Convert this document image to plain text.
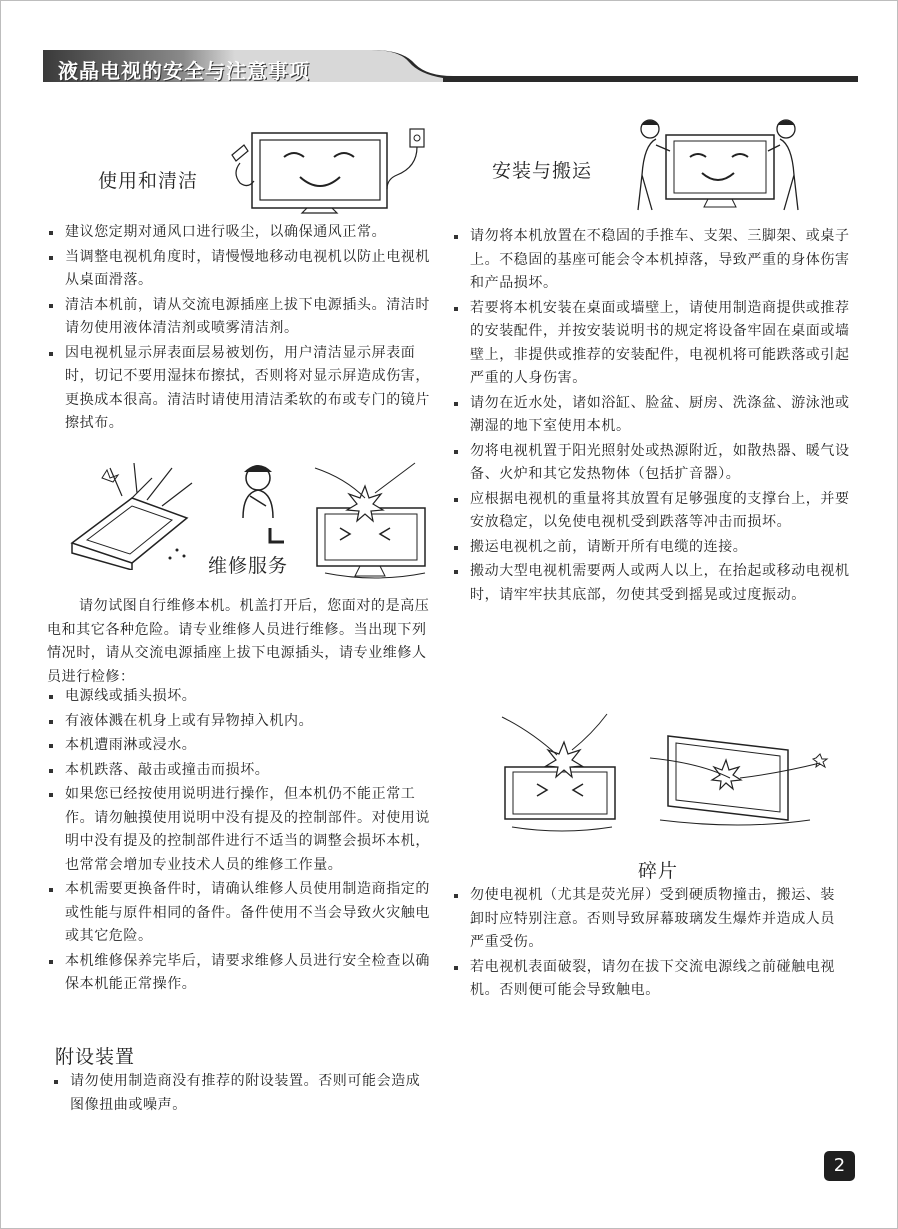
液晶电视的安全与注意事项
使用和清洁
建议您定期对通风口进行吸尘，以确保通风正常。
当调整电视机角度时，请慢慢地移动电视机以防止电视机从桌面滑落。
清洁本机前，请从交流电源插座上拔下电源插头。清洁时请勿使用液体清洁剂或喷雾清洁剂。
因电视机显示屏表面层易被划伤，用户清洁显示屏表面时，切记不要用湿抹布擦拭，否则将对显示屏造成伤害，更换成本很高。清洁时请使用清洁柔软的布或专门的镜片擦拭布。
维修服务

请勿试图自行维修本机。机盖打开后，您面对的是高压电和其它各种危险。请专业维修人员进行维修。当出现下列情况时，请从交流电源插座上拔下电源插头，请专业维修人员进行检修：

电源线或插头损坏。
有液体溅在机身上或有异物掉入机内。
本机遭雨淋或浸水。
本机跌落、敲击或撞击而损坏。
如果您已经按使用说明进行操作，但本机仍不能正常工作。请勿触摸使用说明中没有提及的控制部件。对使用说明中没有提及的控制部件进行不适当的调整会损坏本机，也常常会增加专业技术人员的维修工作量。
本机需要更换备件时，请确认维修人员使用制造商指定的或性能与原件相同的备件。备件使用不当会导致火灾触电或其它危险。
本机维修保养完毕后，请要求维修人员进行安全检查以确保本机能正常操作。
附设装置
请勿使用制造商没有推荐的附设装置。否则可能会造成图像扭曲或噪声。
安装与搬运
请勿将本机放置在不稳固的手推车、支架、三脚架、或桌子上。不稳固的基座可能会令本机掉落，导致严重的身体伤害和产品损坏。
若要将本机安装在桌面或墙壁上，请使用制造商提供或推荐的安装配件，并按安装说明书的规定将设备牢固在桌面或墙壁上，非提供或推荐的安装配件，电视机将可能跌落或引起严重的人身伤害。
请勿在近水处，诸如浴缸、脸盆、厨房、洗涤盆、游泳池或潮湿的地下室使用本机。
勿将电视机置于阳光照射处或热源附近，如散热器、暖气设备、火炉和其它发热物体（包括扩音器）。
应根据电视机的重量将其放置有足够强度的支撑台上，并要安放稳定，以免使电视机受到跌落等冲击而损坏。
搬运电视机之前，请断开所有电缆的连接。
搬动大型电视机需要两人或两人以上，在抬起或移动电视机时，请牢牢扶其底部，勿使其受到摇晃或过度振动。
碎片
勿使电视机（尤其是荧光屏）受到硬质物撞击，搬运、装卸时应特别注意。否则导致屏幕玻璃发生爆炸并造成人员严重受伤。
若电视机表面破裂，请勿在拔下交流电源线之前碰触电视机。否则便可能会导致触电。
2
